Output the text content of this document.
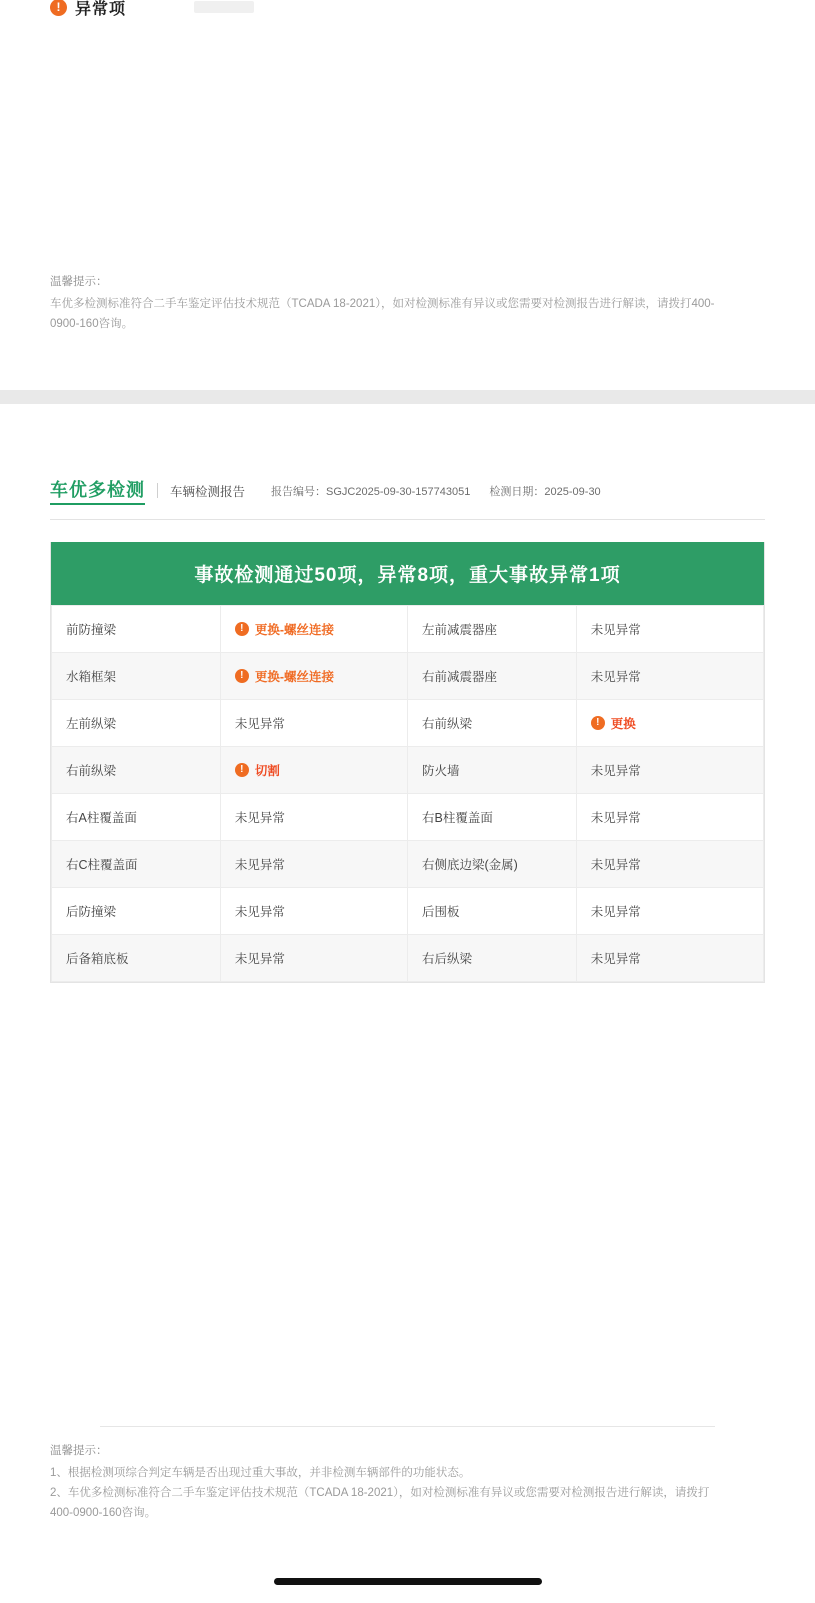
! 异常项
温馨提示：
车优多检测标准符合二手车鉴定评估技术规范（TCADA 18-2021），如对检测标准有异议或您需要对检测报告进行解读，请拨打400-
0900-160咨询。
车优多检测 车辆检测报告 报告编号：SGJC2025-09-30-157743051 检测日期：2025-09-30
事故检测通过50项，异常8项，重大事故异常1项
前防撞梁	! 更换-螺丝连接	左前减震器座	未见异常
水箱框架	! 更换-螺丝连接	右前减震器座	未见异常
左前纵梁	未见异常	右前纵梁	! 更换

右前纵梁	! 切割	防火墙	未见异常
右A柱覆盖面	未见异常	右B柱覆盖面	未见异常
右C柱覆盖面	未见异常	右侧底边梁(金属)	未见异常
后防撞梁	未见异常	后围板	未见异常
后备箱底板	未见异常	右后纵梁	未见异常
温馨提示：
1、根据检测项综合判定车辆是否出现过重大事故，并非检测车辆部件的功能状态。
2、车优多检测标准符合二手车鉴定评估技术规范（TCADA 18-2021），如对检测标准有异议或您需要对检测报告进行解读，请拨打
400-0900-160咨询。
